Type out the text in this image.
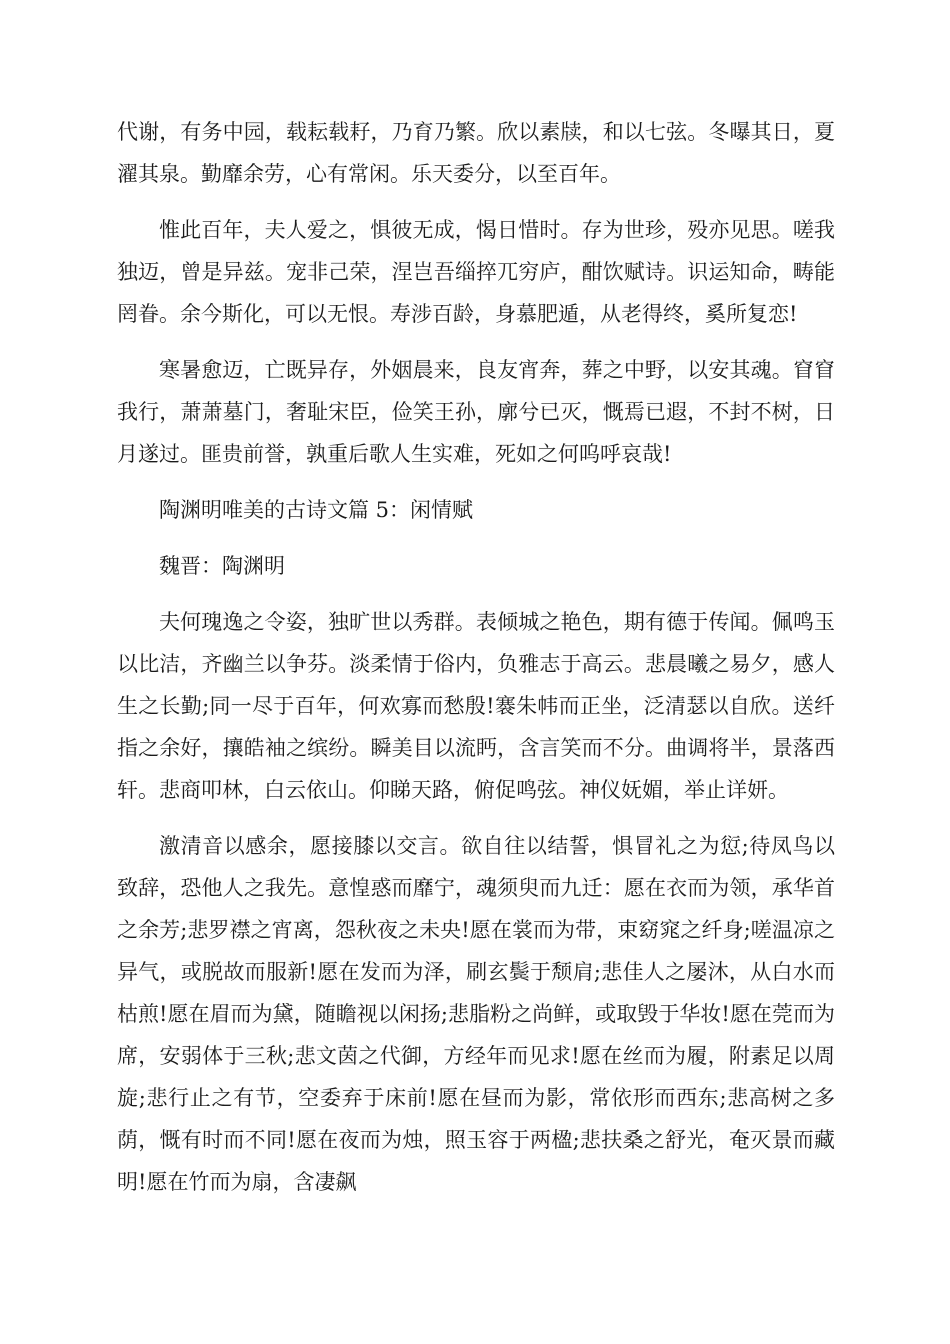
代谢，有务中园，载耘载耔，乃育乃繁。欣以素牍，和以七弦。冬曝其日，夏濯其泉。勤靡余劳，心有常闲。乐天委分，以至百年。

惟此百年，夫人爱之，惧彼无成，愒日惜时。存为世珍，殁亦见思。嗟我独迈，曾是异兹。宠非己荣，涅岂吾缁捽兀穷庐，酣饮赋诗。识运知命，畴能罔眷。余今斯化，可以无恨。寿涉百龄，身慕肥遁，从老得终，奚所复恋!

寒暑愈迈，亡既异存，外姻晨来，良友宵奔，葬之中野，以安其魂。窅窅我行，萧萧墓门，奢耻宋臣，俭笑王孙，廓兮已灭，慨焉已遐，不封不树，日月遂过。匪贵前誉，孰重后歌人生实难，死如之何呜呼哀哉!

陶渊明唯美的古诗文篇 5：闲情赋

魏晋：陶渊明

夫何瑰逸之令姿，独旷世以秀群。表倾城之艳色，期有德于传闻。佩鸣玉以比洁，齐幽兰以争芬。淡柔情于俗内，负雅志于高云。悲晨曦之易夕，感人生之长勤;同一尽于百年，何欢寡而愁殷!褰朱帏而正坐，泛清瑟以自欣。送纤指之余好，攘皓袖之缤纷。瞬美目以流眄，含言笑而不分。曲调将半，景落西轩。悲商叩林，白云依山。仰睇天路，俯促鸣弦。神仪妩媚，举止详妍。

激清音以感余，愿接膝以交言。欲自往以结誓，惧冒礼之为愆;待凤鸟以致辞，恐他人之我先。意惶惑而靡宁，魂须臾而九迁：愿在衣而为领，承华首之余芳;悲罗襟之宵离，怨秋夜之未央!愿在裳而为带，束窈窕之纤身;嗟温凉之异气，或脱故而服新!愿在发而为泽，刷玄鬓于颓肩;悲佳人之屡沐，从白水而枯煎!愿在眉而为黛，随瞻视以闲扬;悲脂粉之尚鲜，或取毁于华妆!愿在莞而为席，安弱体于三秋;悲文茵之代御，方经年而见求!愿在丝而为履，附素足以周旋;悲行止之有节，空委弃于床前!愿在昼而为影，常依形而西东;悲高树之多荫，慨有时而不同!愿在夜而为烛，照玉容于两楹;悲扶桑之舒光，奄灭景而藏明!愿在竹而为扇，含凄飙
